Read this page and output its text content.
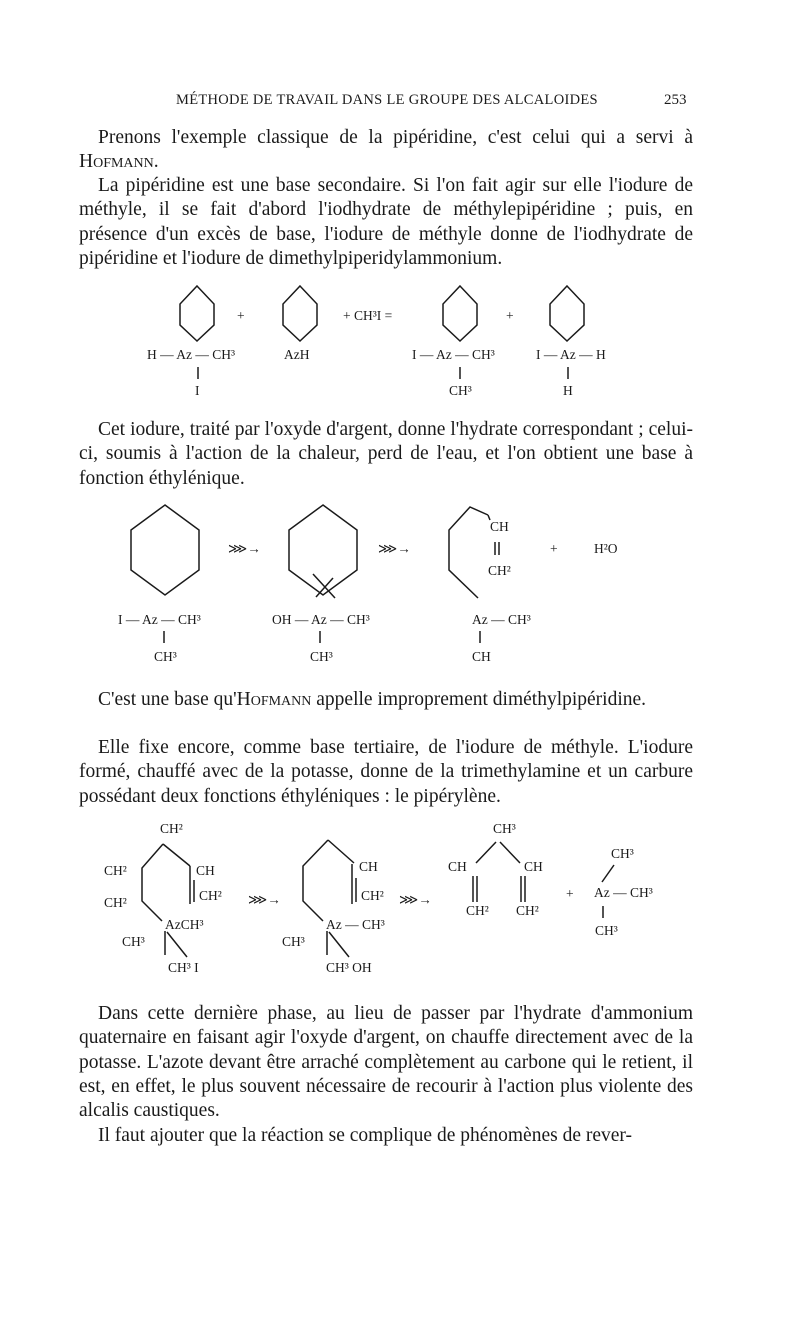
MÉTHODE DE TRAVAIL DANS LE GROUPE DES ALCALOIDES	253

Prenons l'exemple classique de la pipéridine, c'est celui qui a servi à Hofmann.

La pipéridine est une base secondaire. Si l'on fait agir sur elle l'iodure de méthyle, il se fait d'abord l'iodhydrate de méthylepipéridine ; puis, en présence d'un excès de base, l'iodure de méthyle donne de l'iodhydrate de pipéridine et l'iodure de dimethylpiperidylammonium.

+	+ CH³I =	+
H — Az — CH³
I
AzH	I — Az — CH³
CH³
I — Az — H
H

Cet iodure, traité par l'oxyde d'argent, donne l'hydrate correspondant ; celui-ci, soumis à l'action de la chaleur, perd de l'eau, et l'on obtient une base à fonction éthylénique.

⋙→	⋙→
CH
CH²
+	H²O
I — Az — CH³
CH³
OH — Az — CH³
CH³
Az — CH³
CH

C'est une base qu'Hofmann appelle improprement diméthylpipéridine.

Elle fixe encore, comme base tertiaire, de l'iodure de méthyle. L'iodure formé, chauffé avec de la potasse, donne de la trimethylamine et un carbure possédant deux fonctions éthyléniques : le pipérylène.

CH²
CH²	CH
CH²	CH²
AzCH³
CH³
CH³ I
⋙→
CH
CH²
Az — CH³
CH³
CH³ OH
⋙→
CH³
CH	CH
CH² CH²
+
CH³
Az — CH³
CH³

Dans cette dernière phase, au lieu de passer par l'hydrate d'ammonium quaternaire en faisant agir l'oxyde d'argent, on chauffe directement avec de la potasse. L'azote devant être arraché complètement au carbone qui le retient, il est, en effet, le plus souvent nécessaire de recourir à l'action plus violente des alcalis caustiques.

Il faut ajouter que la réaction se complique de phénomènes de rever-
